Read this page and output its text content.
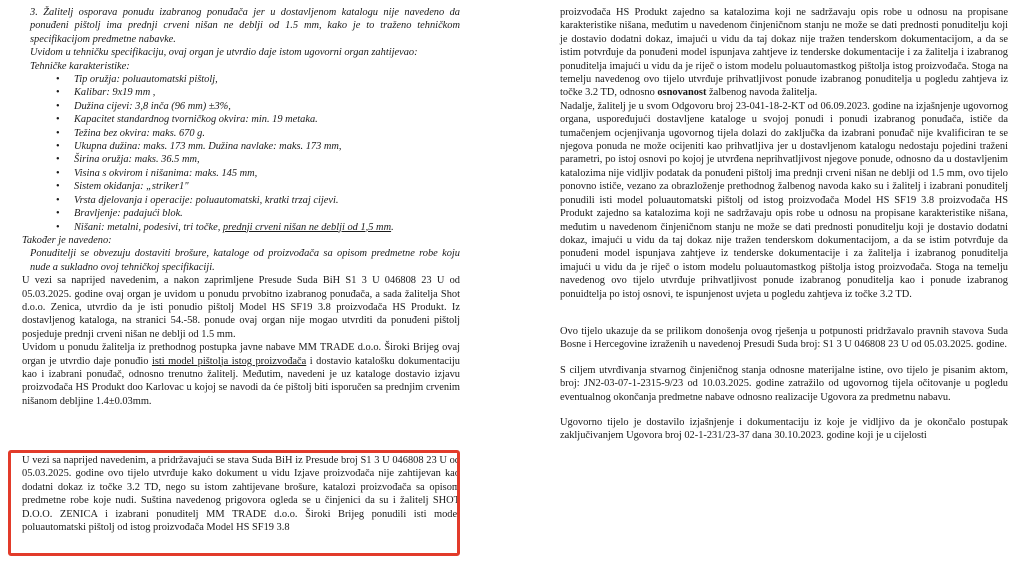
3. Žalitelj osporava ponudu izabranog ponuđača jer u dostavljenom katalogu nije navedeno da ponuđeni pištolj ima prednji crveni nišan ne deblji od 1.5 mm, kako je to traženo tehničkom specifikacijom predmetne nabavke.

Uvidom u tehničku specifikaciju, ovaj organ je utvrdio daje istom ugovorni organ zahtijevao:

Tehničke karakteristike:

• Tip oružja: poluautomatski pištolj,
• Kalibar: 9x19 mm ,
• Dužina cijevi: 3,8 inča (96 mm) ±3%,
• Kapacitet standardnog tvorničkog okvira: min. 19 metaka.
• Težina bez okvira: maks. 670 g.
• Ukupna dužina: maks. 173 mm. Dužina navlake: maks. 173 mm,
• Širina oružja: maks. 36.5 mm,
• Visina s okvirom i nišanima: maks. 145 mm,
• Sistem okidanja: „striker1"
• Vrsta djelovanja i operacije: poluautomatski, kratki trzaj cijevi.
• Bravljenje: padajući blok.
• Nišani: metalni, podesivi, tri točke, prednji crveni nišan ne deblji od 1,5 mm.

Također je navedeno:

Ponuditelji se obvezuju dostaviti brošure, kataloge od proizvođača sa opisom predmetne robe koju nude a sukladno ovoj tehničkoj specifikaciji.

U vezi sa naprijed navedenim, a nakon zaprimljene Presude Suda BiH S1 3 U 046808 23 U od 05.03.2025. godine ovaj organ je uvidom u ponudu prvobitno izabranog ponuđača, a sada žaliteljа Shot d.o.o. Zenica, utvrdio da je isti ponudio pištolj Model HS SF19 3.8 proizvođača HS Produkt. Iz dostavljenog kataloga, na stranici 54.-58. ponude ovaj organ nije mogao utvrditi da ponuđeni pištolj posjeduje prednji crveni nišan ne deblji od 1.5 mm.

Uvidom u ponudu žalitelja iz prethodnog postupka javne nabave MM TRADE d.o.o. Široki Brijeg ovaj organ je utvrdio daje ponuđio isti model pištolja istog proizvođača i dostavio katalošku dokumentaciju kao i izabrani ponuđač, odnosno trenutno žalitelj. Međutim, navedeni je uz kataloge dostavio izjavu proizvođača HS Produkt doo Karlovac u kojoj se navodi da će pištolj biti isporučen sa prednjim crvenim nišanom debljine 1.4±0.03mm.

U vezi sa naprijed navedenim, a pridržavajući se stava Suda BiH iz Presude broj S1 3 U 046808 23 U od 05.03.2025. godine ovo tijelo utvrđuje kako dokument u vidu Izjave proizvođača nije zahtijevan kao dodatni dokaz iz točke 3.2 TD, nego su istom zahtijevane brošure, katalozi proizvođača sa opisom predmetne robe koje nudi. Suština navedenog prigovora ogleda se u činjenici da su i žalitelj SHOT D.O.O. ZENICA i izabrani ponuditelj MM TRADE d.o.o. Široki Brijeg ponudili isti model poluautomatski pištolj od istog proizvođača Model HS SF19 3.8

proizvođača HS Produkt zajedno sa katalozima koji ne sadržavaju opis robe u odnosu na propisane karakteristike nišana, međutim u navedenom činjeničnom stanju ne može se dati prednosti ponuditelju koji je dostavio dodatni dokaz, imajući u vidu da taj dokaz nije tražen tenderskom dokumentacijom, a da se istim potvrđuje da ponuđeni model ispunjava zahtjeve iz tenderske dokumentacije i za žalitelja i izabranog ponuditelja imajući u vidu da je riječ o istom modelu poluautomastkog pištolja istog proizvođača. Stoga na temelju navedenog ovo tijelo utvrđuje prihvatljivost ponude izabranog ponuditelja u pogledu zahtjeva iz točke 3.2 TD, odnosno osnovanost žalbenog navoda žalitelja.

Nadalje, žalitelj je u svom Odgovoru broj 23-041-18-2-KT od 06.09.2023. godine na izjašnjenje ugovornog organa, uspoređujući dostavljene kataloge u svojoj ponudi i ponudi izabranog ponuđača, ističe da tumačenjem ocjenjivanja ugovornog tijela dolazi do zaključka da izabrani ponuđač nije kvalificiran te se njegova ponuda ne može ocijeniti kao prihvatljiva jer u dostavljenom katalogu nedostaju pojedini traženi parametri, po istoj osnovi po kojoj je utvrđena neprihvatljivost njegove ponude, odnosno da u dostavljenim katalozima nije vidljiv podatak da ponuđeni pištolj ima prednji crveni nišan ne deblji od 1.5 mm, ovo tijelo ponovno ističe, vezano za obrazloženje prethodnog žalbenog navoda kako su i žalitelj i izabrani ponuditelj ponudili isti model poluautomatski pištolj od istog proizvođača Model HS SF19 3.8 proizvođača HS Produkt zajedno sa katalozima koji ne sadržavaju opis robe u odnosu na propisane karakteristike nišana, međutim u navedenom činjeničnom stanju ne može se dati prednosti ponuditelju koji je dostavio dodatni dokaz, imajući u vidu da taj dokaz nije tražen tenderskom dokumentacijom, a da se istim potvrđuje da ponuđeni model ispunjava zahtjeve iz tenderske dokumentacije i za žalitelja i izabranog ponuditelja imajući u vidu da je riječ o istom modelu poluautomastkog pištolja istog proizvođača. Stoga na temelju navedenog ovo tijelo utvrđuje prihvatljivost ponude izabranog ponuditelja kao i ponude izabranog ponuidtelja po istoj osnovi, te ispunjenost uvjeta u pogledu zahtjeva iz točke 3.2 TD.

Ovo tijelo ukazuje da se prilikom donošenja ovog rješenja u potpunosti pridržavalo pravnih stavova Suda Bosne i Hercegovine izraženih u navedenoj Presudi Suda broj: S1 3 U 046808 23 U od 05.03.2025. godine.

S ciljem utvrđivanja stvarnog činjeničnog stanja odnosne materijalne istine, ovo tijelo je pisanim aktom, broj: JN2-03-07-1-2315-9/23 od 10.03.2025. godine zatražilo od ugovornog tijela očitovanje u pogledu eventualnog okončanja predmetne nabave odnosno realizacije Ugovora za predmetnu nabavu.

Ugovorno tijelo je dostavilo izjašnjenje i dokumentaciju iz koje je vidljivo da je okončalo postupak zaključivanjem Ugovora broj 02-1-231/23-37 dana 30.10.2023. godine koji je u cijelosti
